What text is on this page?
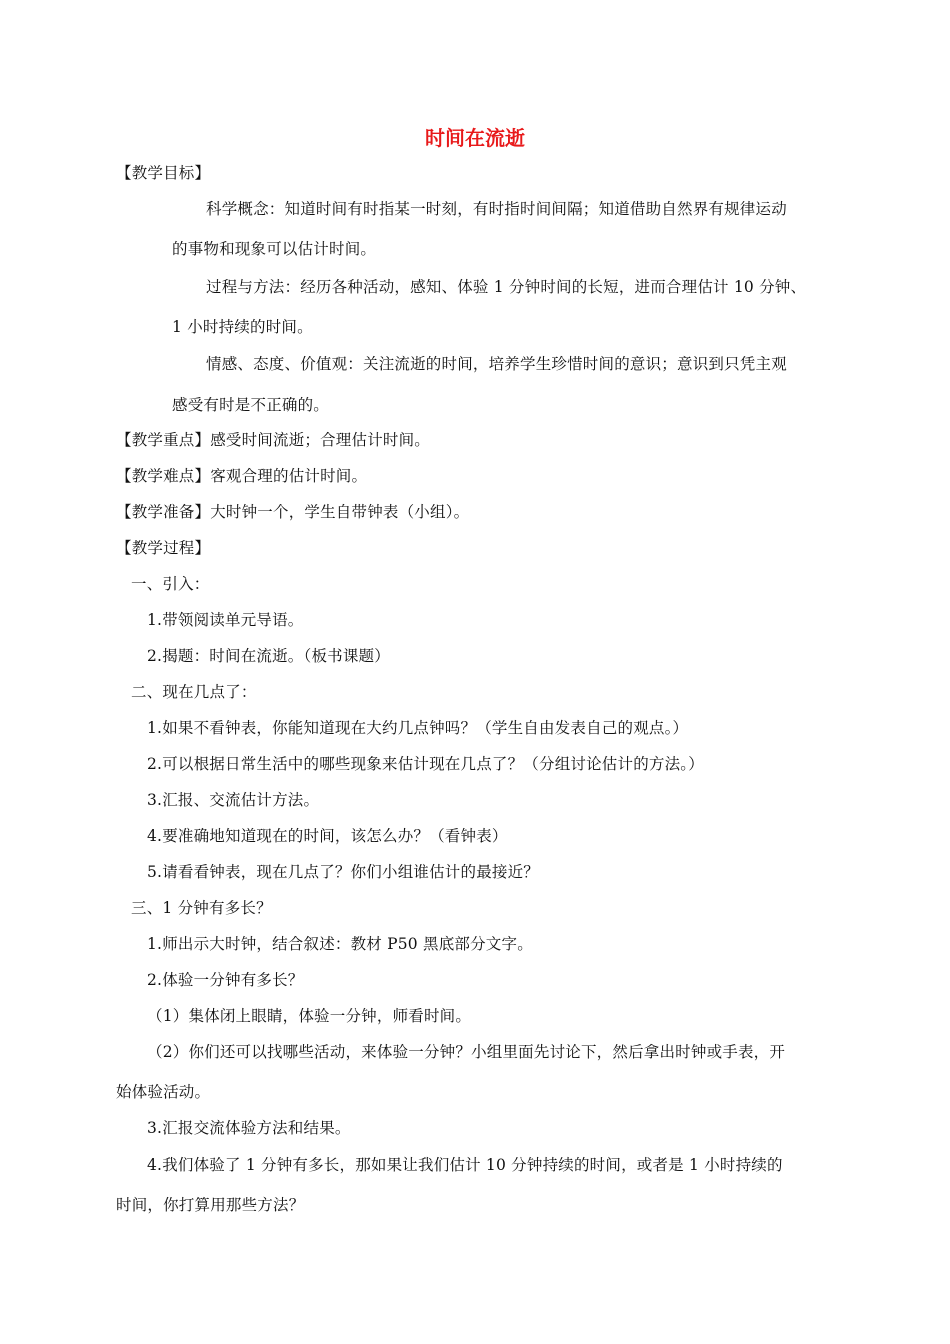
时间在流逝
【教学目标】
科学概念：知道时间有时指某一时刻，有时指时间间隔；知道借助自然界有规律运动
的事物和现象可以估计时间。
过程与方法：经历各种活动，感知、体验 1 分钟时间的长短，进而合理估计 10 分钟、
1 小时持续的时间。
情感、态度、价值观：关注流逝的时间，培养学生珍惜时间的意识；意识到只凭主观
感受有时是不正确的。
【教学重点】感受时间流逝；合理估计时间。
【教学难点】客观合理的估计时间。
【教学准备】大时钟一个，学生自带钟表（小组）。
【教学过程】
一、引入：
1.带领阅读单元导语。
2.揭题：时间在流逝。（板书课题）
二、现在几点了：
1.如果不看钟表，你能知道现在大约几点钟吗？（学生自由发表自己的观点。）
2.可以根据日常生活中的哪些现象来估计现在几点了？（分组讨论估计的方法。）
3.汇报、交流估计方法。
4.要准确地知道现在的时间，该怎么办？（看钟表）
5.请看看钟表，现在几点了？你们小组谁估计的最接近？
三、1 分钟有多长？
1.师出示大时钟，结合叙述：教材 P50 黑底部分文字。
2.体验一分钟有多长？
（1）集体闭上眼睛，体验一分钟，师看时间。
（2）你们还可以找哪些活动，来体验一分钟？小组里面先讨论下，然后拿出时钟或手表，开
始体验活动。
3.汇报交流体验方法和结果。
4.我们体验了 1 分钟有多长，那如果让我们估计 10 分钟持续的时间，或者是 1 小时持续的
时间，你打算用那些方法？
